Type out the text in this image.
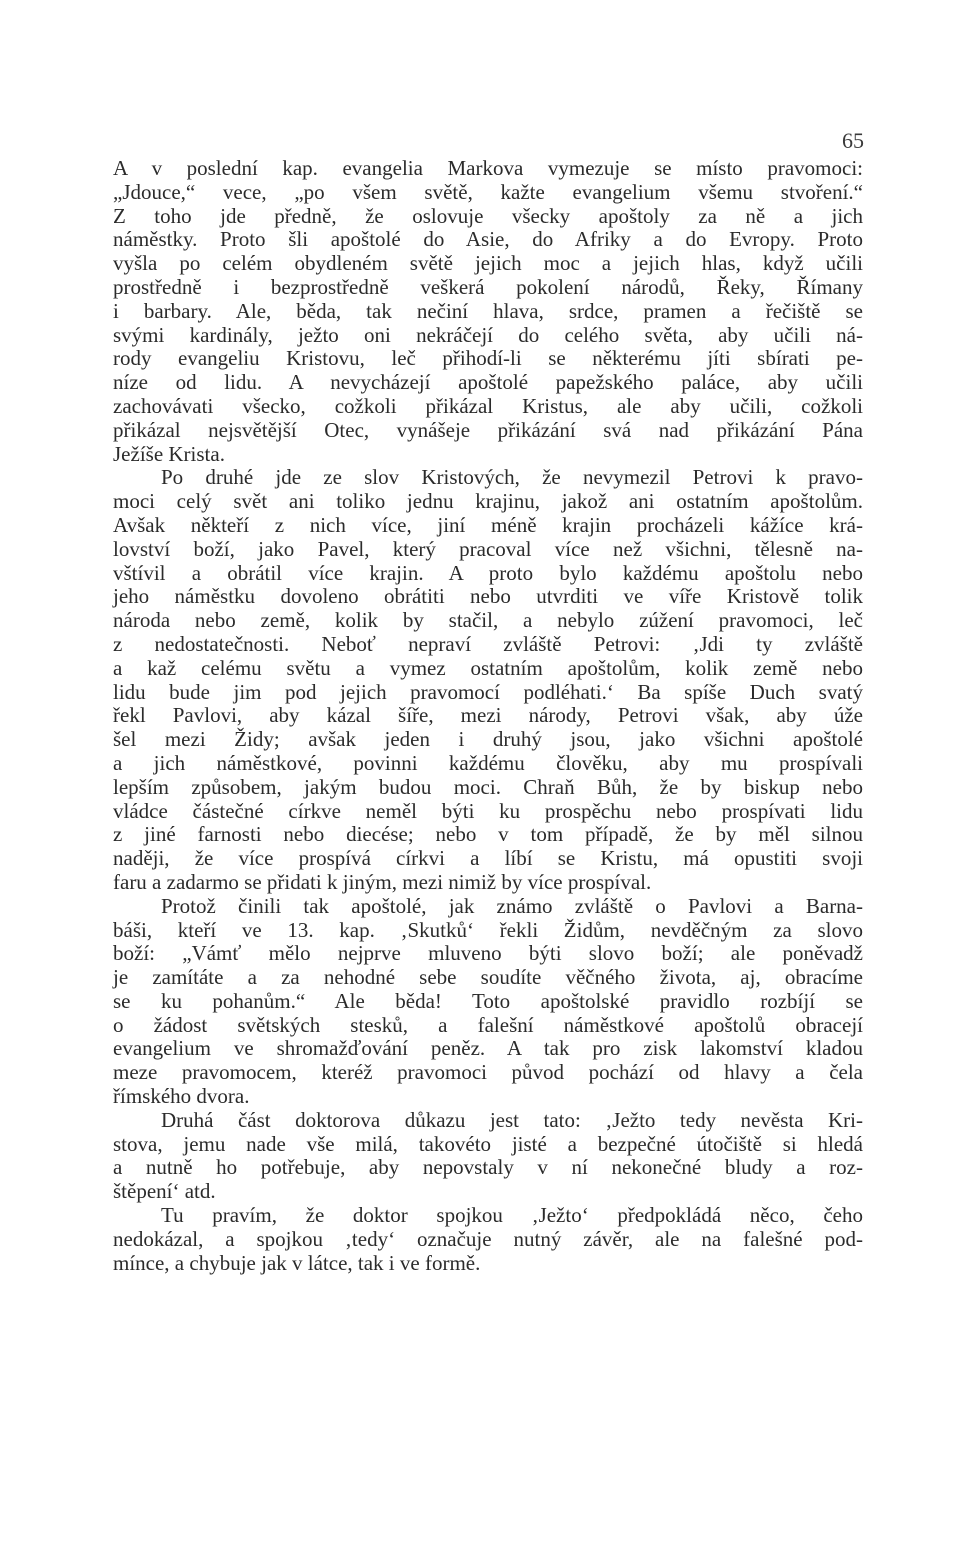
65
A v poslední kap. evangelia Markova vymezuje se místo pravomoci:
„Jdouce,“ vece, „po všem světě, kažte evangelium všemu stvoření.“
Z toho jde předně, že oslovuje všecky apoštoly za ně a jich
náměstky. Proto šli apoštolé do Asie, do Afriky a do Evropy. Proto
vyšla po celém obydleném světě jejich moc a jejich hlas, když učili
prostředně i bezprostředně veškerá pokolení národů, Řeky, Římany
i barbary. Ale, běda, tak nečiní hlava, srdce, pramen a řečiště se
svými kardinály, ježto oni nekráčejí do celého světa, aby učili ná-
rody evangeliu Kristovu, leč přihodí-li se některému jíti sbírati pe-
níze od lidu. A nevycházejí apoštolé papežského paláce, aby učili
zachovávati všecko, cožkoli přikázal Kristus, ale aby učili, cožkoli
přikázal nejsvětější Otec, vynášeje přikázání svá nad přikázání Pána
Ježíše Krista.
Po druhé jde ze slov Kristových, že nevymezil Petrovi k pravo-
moci celý svět ani toliko jednu krajinu, jakož ani ostatním apoštolům.
Avšak někteří z nich více, jiní méně krajin procházeli kážíce krá-
lovství boží, jako Pavel, který pracoval více než všichni, tělesně na-
vštívil a obrátil více krajin. A proto bylo každému apoštolu nebo
jeho náměstku dovoleno obrátiti nebo utvrditi ve víře Kristově tolik
národa nebo země, kolik by stačil, a nebylo zúžení pravomoci, leč
z nedostatečnosti. Neboť nepraví zvláště Petrovi: ‚Jdi ty zvláště
a kaž celému světu a vymez ostatním apoštolům, kolik země nebo
lidu bude jim pod jejich pravomocí podléhati.‘ Ba spíše Duch svatý
řekl Pavlovi, aby kázal šíře, mezi národy, Petrovi však, aby úže
šel mezi Židy; avšak jeden i druhý jsou, jako všichni apoštolé
a jich náměstkové, povinni každému člověku, aby mu prospívali
lepším způsobem, jakým budou moci. Chraň Bůh, že by biskup nebo
vládce částečné církve neměl býti ku prospěchu nebo prospívati lidu
z jiné farnosti nebo diecése; nebo v tom případě, že by měl silnou
naději, že více prospívá církvi a líbí se Kristu, má opustiti svoji
faru a zadarmo se přidati k jiným, mezi nimiž by více prospíval.
Protož činili tak apoštolé, jak známo zvláště o Pavlovi a Barna-
báši, kteří ve 13. kap. ‚Skutků‘ řekli Židům, nevděčným za slovo
boží: „Vámť mělo nejprve mluveno býti slovo boží; ale poněvadž
je zamítáte a za nehodné sebe soudíte věčného života, aj, obracíme
se ku pohanům.“ Ale běda! Toto apoštolské pravidlo rozbíjí se
o žádost světských stesků, a falešní náměstkové apoštolů obracejí
evangelium ve shromažďování peněz. A tak pro zisk lakomství kladou
meze pravomocem, kteréž pravomoci původ pochází od hlavy a čela
římského dvora.
Druhá část doktorova důkazu jest tato: ‚Ježto tedy nevěsta Kri-
stova, jemu nade vše milá, takovéto jisté a bezpečné útočiště si hledá
a nutně ho potřebuje, aby nepovstaly v ní nekonečné bludy a roz-
štěpení‘ atd.
Tu pravím, že doktor spojkou ‚Ježto‘ předpokládá něco, čeho
nedokázal, a spojkou ‚tedy‘ označuje nutný závěr, ale na falešné pod-
mínce, a chybuje jak v látce, tak i ve formě.
